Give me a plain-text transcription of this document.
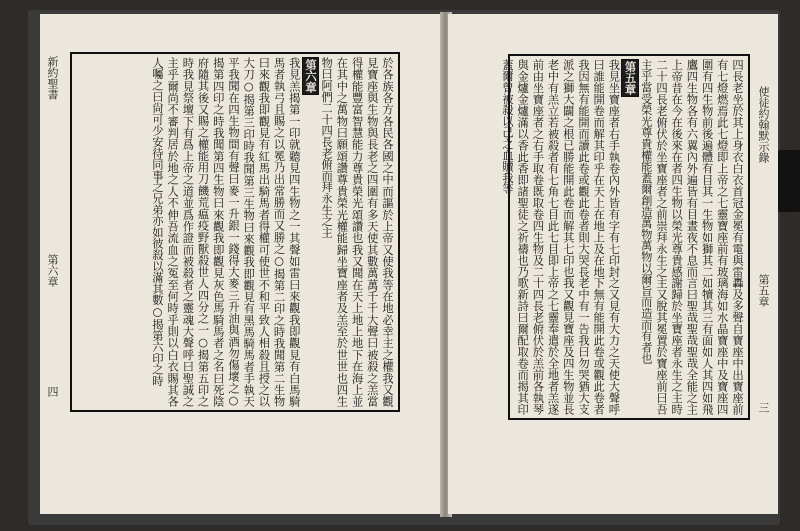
新約聖書
第六章
四	於各族各方各民各國之中而謳於上帝又使我等在地必幸主之權我又觀見寶座與生物與長老之四圍有多天使其數萬萬千千大聲曰被殺之羔當得權能豐富智慧能力尊貴榮光頌讚也我又聞在天上地上地下在海上並在其中之萬物曰願頌讚尊貴榮光權能歸坐寶座者及羔至於世世也四生物曰阿們二十四長老俯而拜永生之主

第六章

我見羔揭第一印就聽見四生物之一其聲如雷曰來觀我即觀見有白馬騎馬者執弓且賜之以冕乃出常勝而又勝之○揭第二印之時我聞第二生物曰來觀我即觀見有紅馬出騎馬者得權可使世不和平致人相殺且授之以大刀○揭第三印時我聞第三生物曰來觀我即觀見有黑馬騎馬者手執天平我聞在四生物間有聲曰麥一升銀一錢得大麥三升油與酒勿傷壞之○揭第四印之時我聞第四生物曰來觀我即觀見灰色馬騎馬者之名曰死陰府隨其後又賜之權能用刀饑荒瘟疫野獸殺世人四分之一○揭第五印之時我見祭壇下有爲上帝之道並爲作證而被殺者之靈魂大聲呼曰聖誠之主乎爾尚不審判居於地之人不伸吾流血之冤至何時乎則以白衣賜其各人囑之曰尙可少安待同事之兄弟亦如彼殺以滿其數○揭第六印之時	使徒約翰默示錄
第五章
三

四長老坐於其上身衣白衣首冠金冕有電與雷轟及多聲自寶座中出寶座前有七燈燃焉此七燈即上帝之七靈寶座前有玻璃海如水晶寶座中及寶座四圍有四生物前後遍體有目其一生物如獅其二如犢其三有面如人其四如飛鷹四生物各有六翼內外遍皆有目晝夜不息而言曰聖哉聖哉聖哉全能之主上帝昔在今在後來在者四生物以榮光尊貴感謝歸於坐寶座者永生之主時二十四長老俯伏於坐寶座者之前崇拜永生之主又脫其冕置於寶座前曰吾主乎當受榮光尊貴權能蓋爾創造萬物萬物以爾旨而造而有者也

第五章

我見坐寶座者右手執卷內外皆有字有七印封之又見有大力之天使大聲呼曰誰能開卷而解其印乎在天上在地上及在地下無有能開此卷或觀此卷者我因無有能開而讀此卷或觀此卷者則大哭長老中有一告我曰勿哭猶大支派之獅大闢之根已勝能開此卷而解其七印也我又觀見寶座及四生物並長老中有羔立若被殺者有七角七目此七目即上帝之七靈奉遣於全地者羔遂前由坐寶座者之右手取卷既取卷四生物及二十四長老俯伏於羔前各執琴與金爐金爐滿以香此香即諸聖徒之祈禱也乃歌新詩曰爾配取卷而揭其印蓋爾曾被殺以己之血贖我等
